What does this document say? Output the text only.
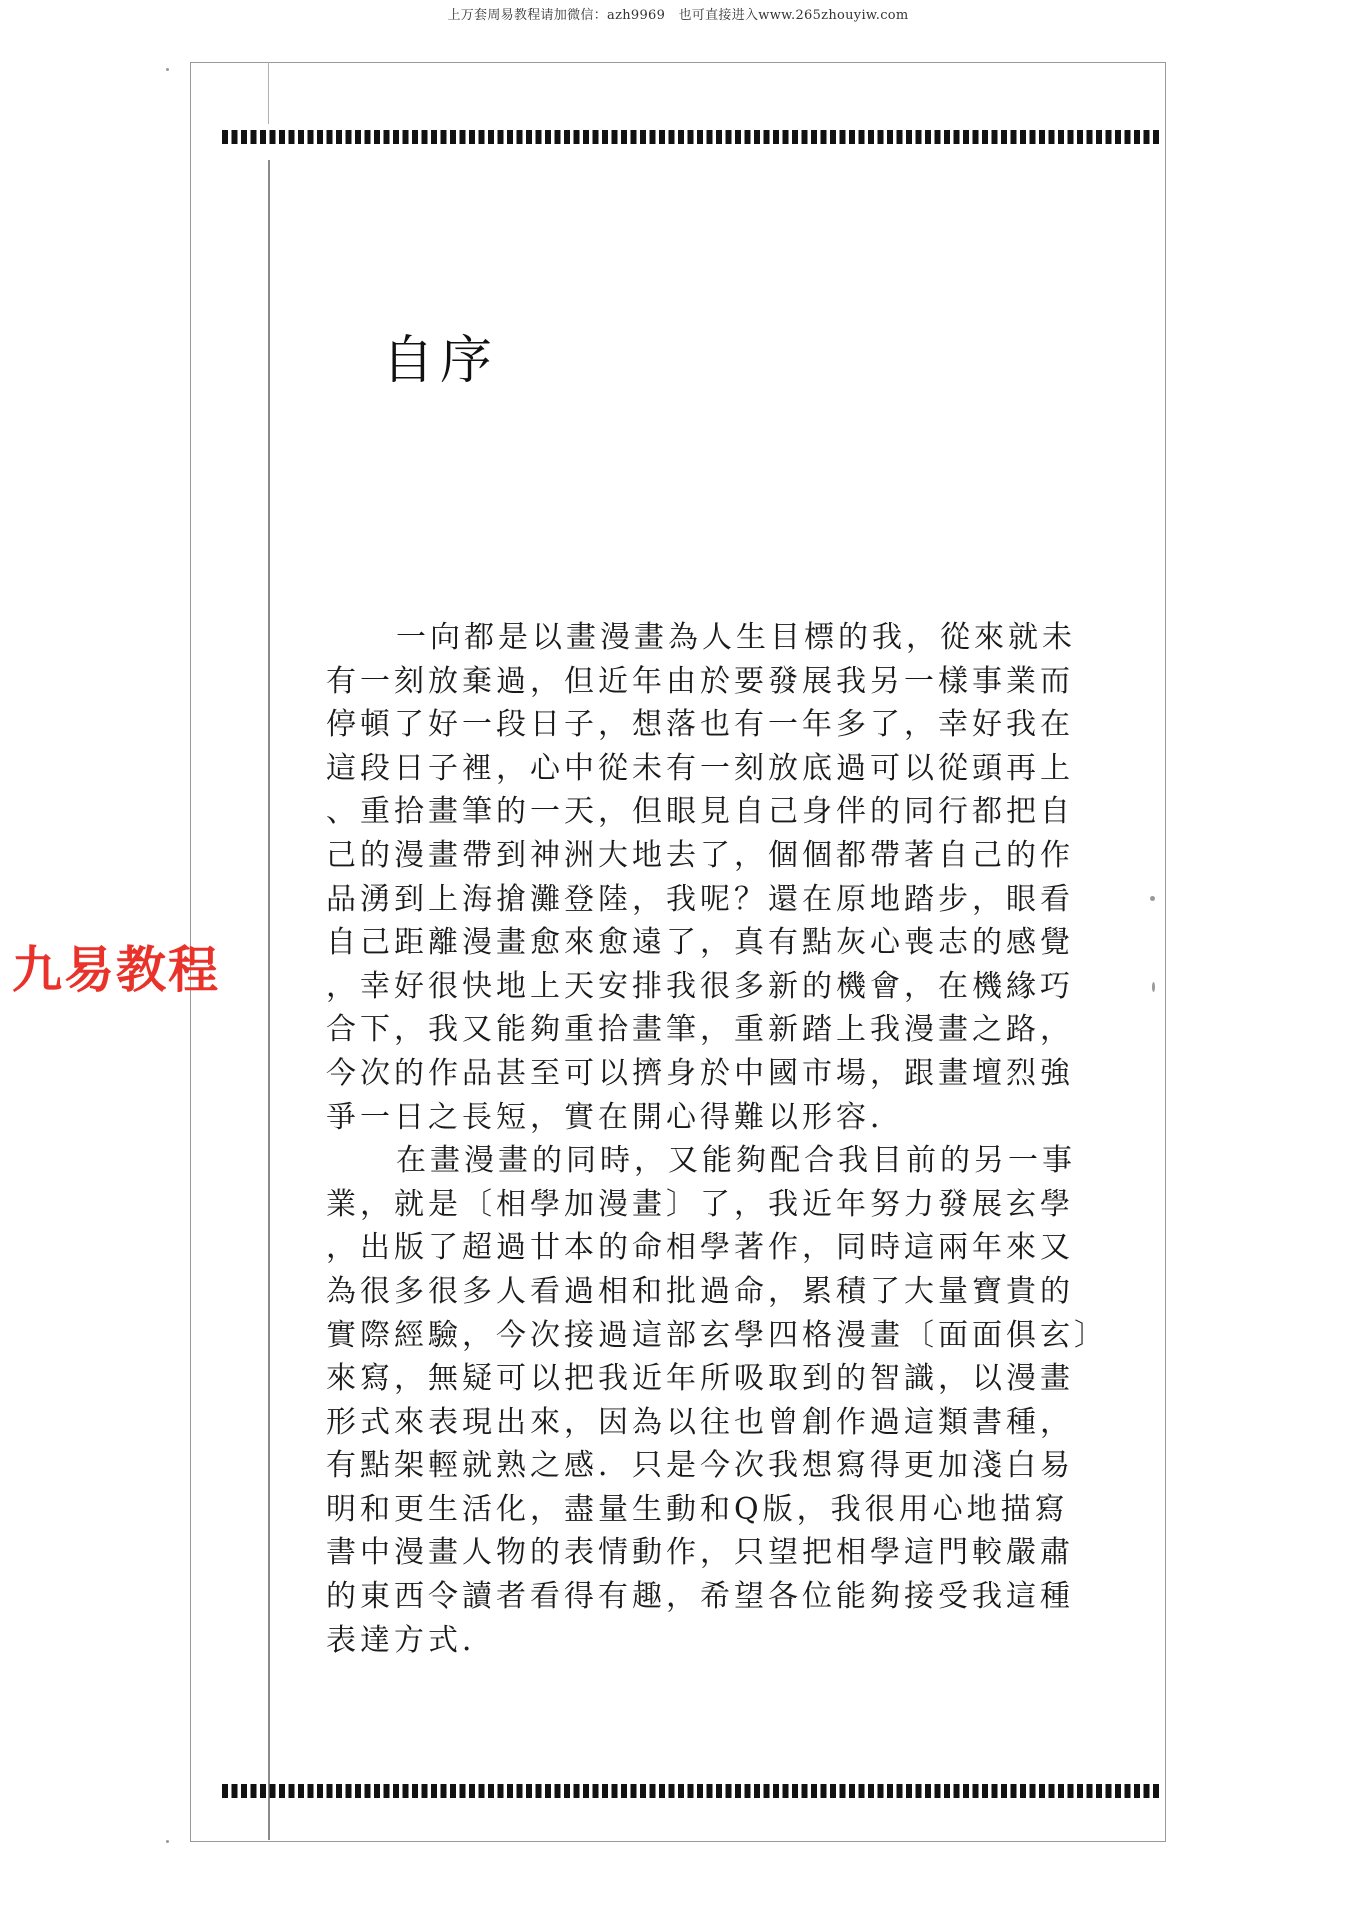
上万套周易教程请加微信：azh9969　也可直接进入www.265zhouyiw.com
自序
一向都是以畫漫畫為人生目標的我，從來就未
有一刻放棄過，但近年由於要發展我另一樣事業而
停頓了好一段日子，想落也有一年多了，幸好我在
這段日子裡，心中從未有一刻放底過可以從頭再上
、重拾畫筆的一天，但眼見自己身伴的同行都把自
己的漫畫帶到神洲大地去了，個個都帶著自己的作
品湧到上海搶灘登陸，我呢？還在原地踏步，眼看
自己距離漫畫愈來愈遠了，真有點灰心喪志的感覺
，幸好很快地上天安排我很多新的機會，在機緣巧
合下，我又能夠重拾畫筆，重新踏上我漫畫之路，
今次的作品甚至可以擠身於中國市場，跟畫壇烈強
爭一日之長短，實在開心得難以形容．
在畫漫畫的同時，又能夠配合我目前的另一事
業，就是〔相學加漫畫〕了，我近年努力發展玄學
，出版了超過廿本的命相學著作，同時這兩年來又
為很多很多人看過相和批過命，累積了大量寶貴的
實際經驗，今次接過這部玄學四格漫畫〔面面俱玄〕
來寫，無疑可以把我近年所吸取到的智識，以漫畫
形式來表現出來，因為以往也曾創作過這類書種，
有點架輕就熟之感．只是今次我想寫得更加淺白易
明和更生活化，盡量生動和Q版，我很用心地描寫
書中漫畫人物的表情動作，只望把相學這門較嚴肅
的東西令讀者看得有趣，希望各位能夠接受我這種
表達方式．
九易教程
